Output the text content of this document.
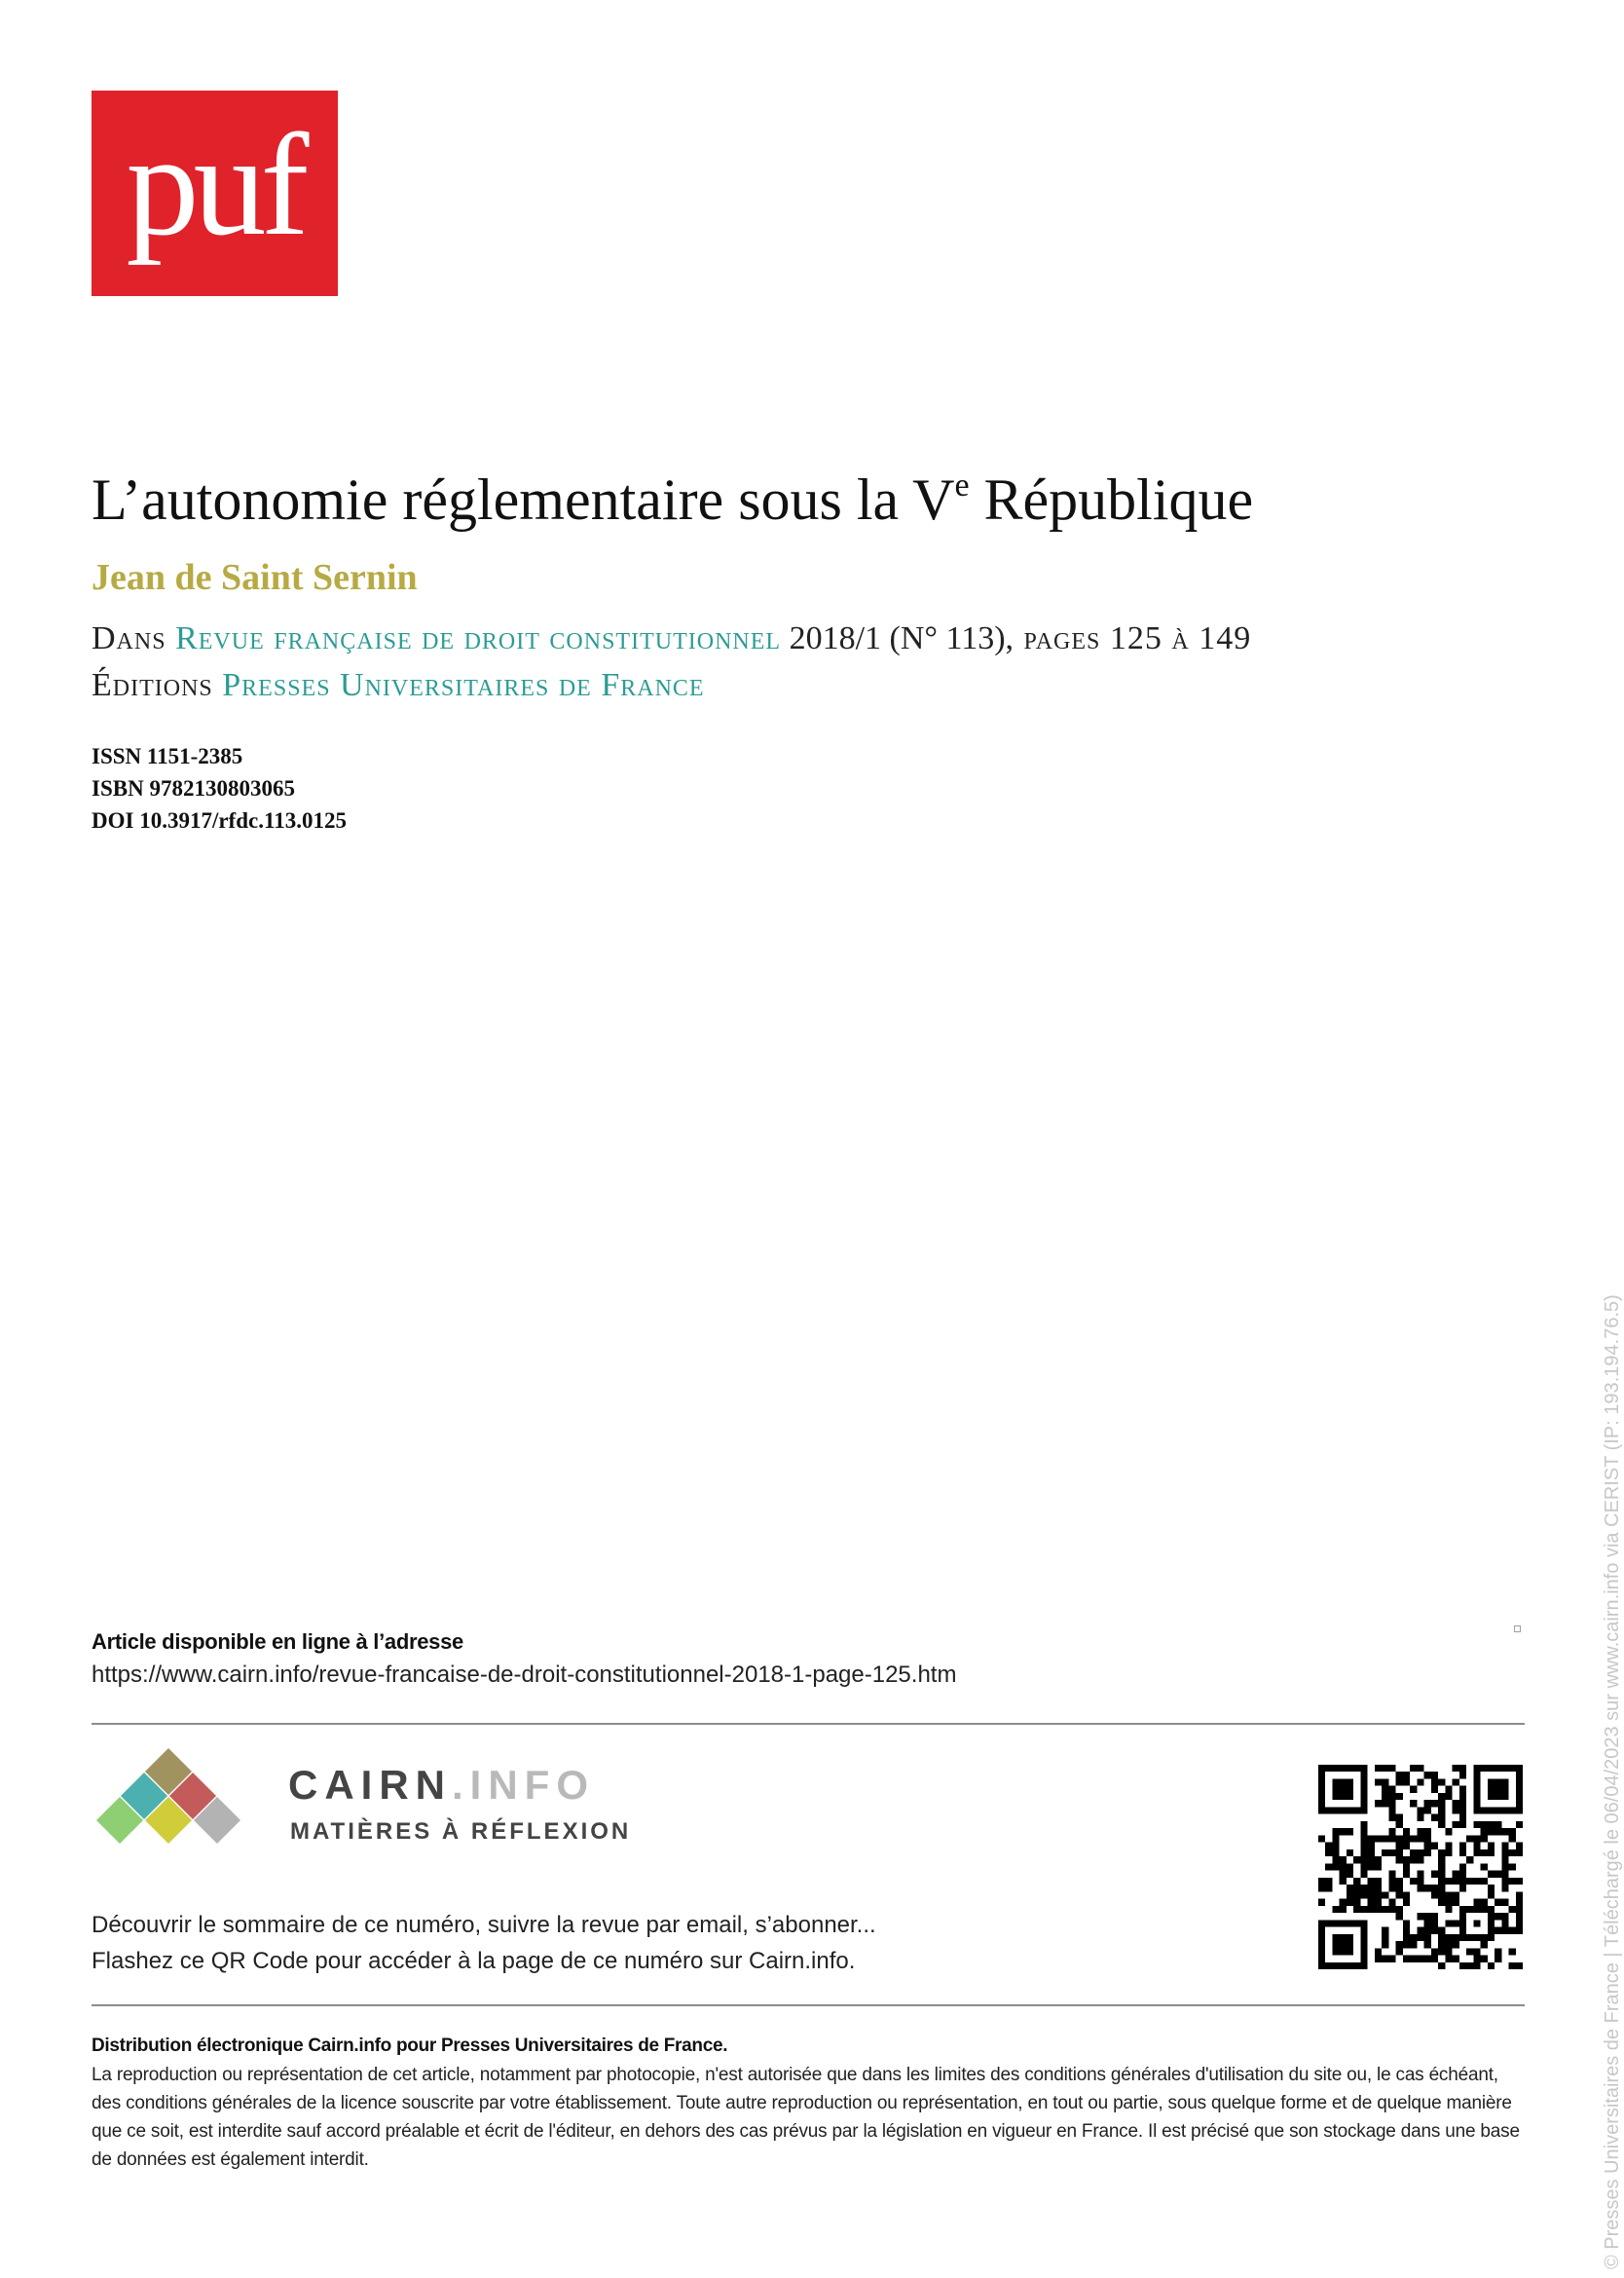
puf
L’autonomie réglementaire sous la Ve République
Jean de Saint Sernin
Dans Revue française de droit constitutionnel 2018/1 (N° 113), pages 125 à 149
Éditions Presses Universitaires de France
ISSN 1151-2385
ISBN 9782130803065
DOI 10.3917/rfdc.113.0125
Article disponible en ligne à l’adresse
https://www.cairn.info/revue-francaise-de-droit-constitutionnel-2018-1-page-125.htm
CAIRN.INFO
MATIÈRES À RÉFLEXION
Découvrir le sommaire de ce numéro, suivre la revue par email, s’abonner...
Flashez ce QR Code pour accéder à la page de ce numéro sur Cairn.info.
Distribution électronique Cairn.info pour Presses Universitaires de France.
La reproduction ou représentation de cet article, notamment par photocopie, n'est autorisée que dans les limites des conditions générales d'utilisation du site ou, le cas échéant, des conditions générales de la licence souscrite par votre établissement. Toute autre reproduction ou représentation, en tout ou partie, sous quelque forme et de quelque manière que ce soit, est interdite sauf accord préalable et écrit de l'éditeur, en dehors des cas prévus par la législation en vigueur en France. Il est précisé que son stockage dans une base de données est également interdit.	© Presses Universitaires de France | Téléchargé le 06/04/2023 sur www.cairn.info via CERIST (IP: 193.194.76.5)
